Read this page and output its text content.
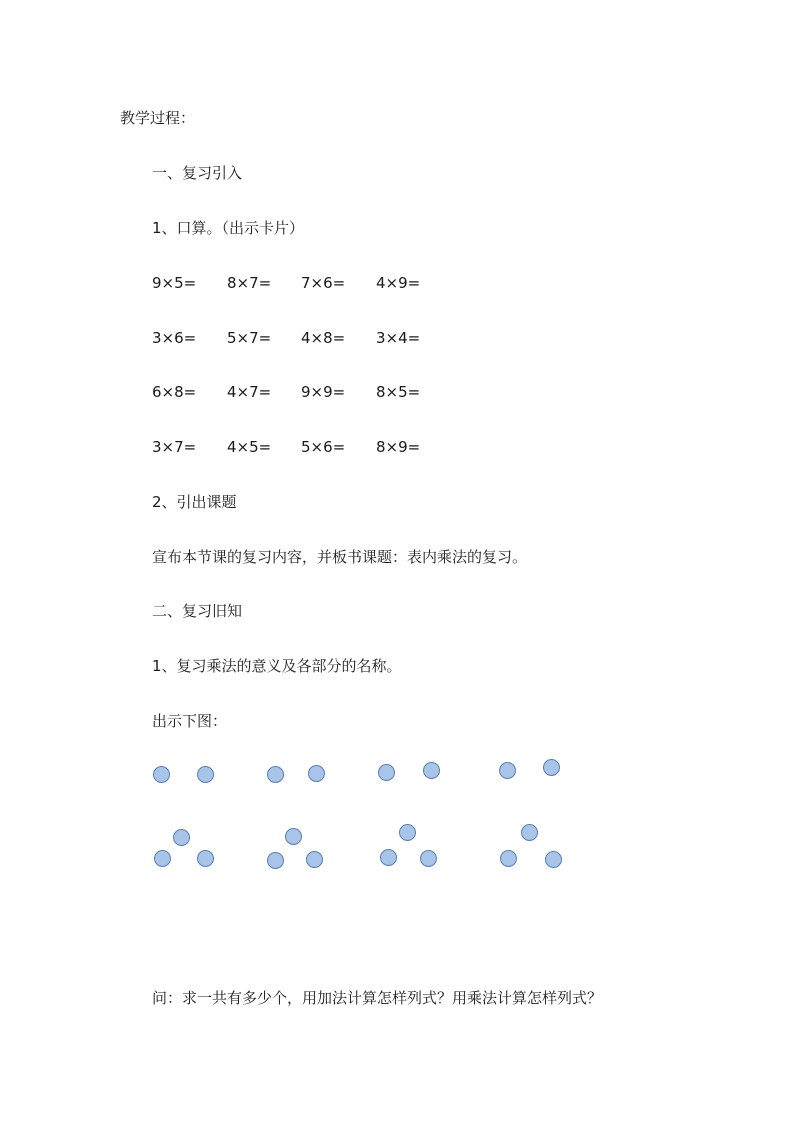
教学过程：
一、复习引入
1、口算。（出示卡片）
9×5= 8×7= 7×6= 4×9=
3×6= 5×7= 4×8= 3×4=
6×8= 4×7= 9×9= 8×5=
3×7= 4×5= 5×6= 8×9=
2、引出课题
宣布本节课的复习内容，并板书课题：表内乘法的复习。
二、复习旧知
1、复习乘法的意义及各部分的名称。
出示下图：
问：求一共有多少个，用加法计算怎样列式？用乘法计算怎样列式？
